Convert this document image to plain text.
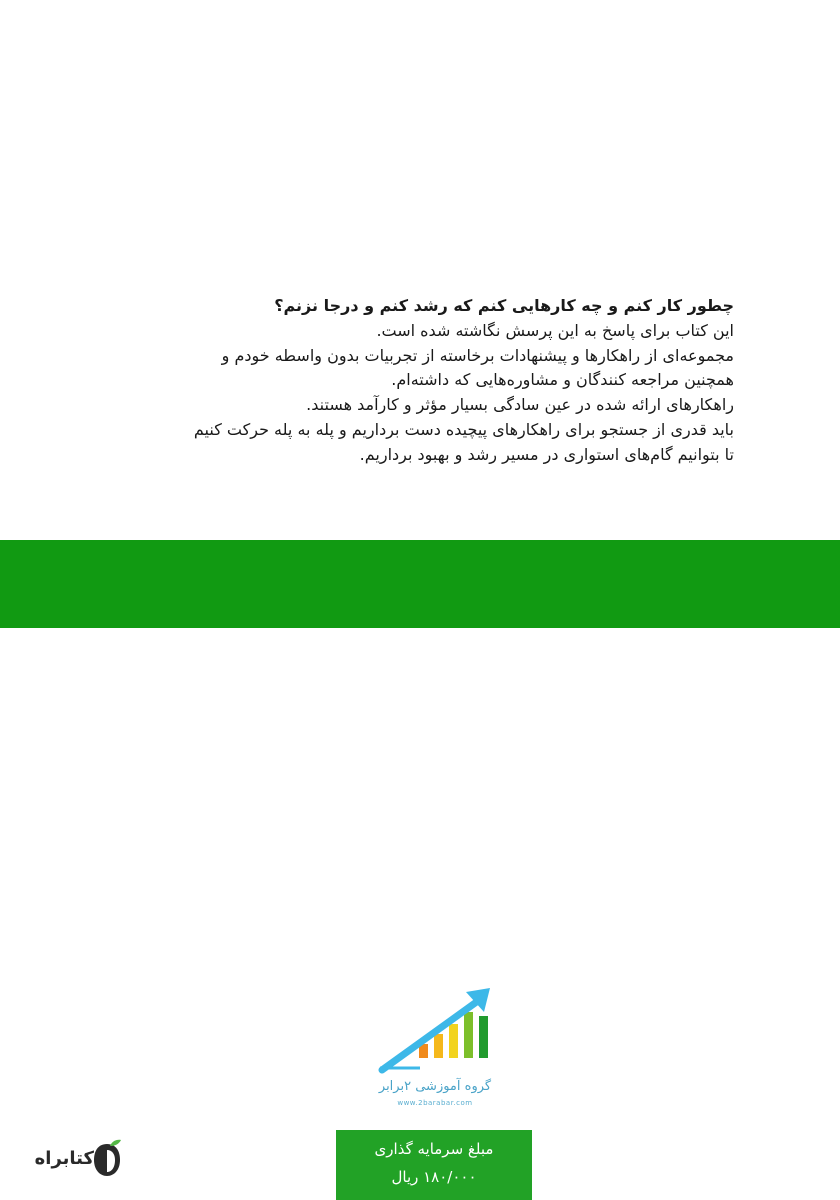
چطور کار کنم و چه کارهایی کنم که رشد کنم و درجا نزنم؟
این کتاب برای پاسخ به این پرسش نگاشته شده است.
مجموعه‌ای از راهکارها و پیشنهادات برخاسته از تجربیات بدون واسطه خودم و
همچنین مراجعه کنندگان و مشاوره‌هایی که داشته‌ام.
راهکارهای ارائه شده در عین سادگی بسیار مؤثر و کارآمد هستند.
باید قدری از جستجو برای راهکارهای پیچیده دست برداریم و پله به پله حرکت کنیم
تا بتوانیم گام‌های استواری در مسیر رشد و بهبود برداریم.
گروه آموزشی ۲برابر
www.2barabar.com
کتابراه	مبلغ سرمایه گذاری
۱۸۰/۰۰۰ ریال
